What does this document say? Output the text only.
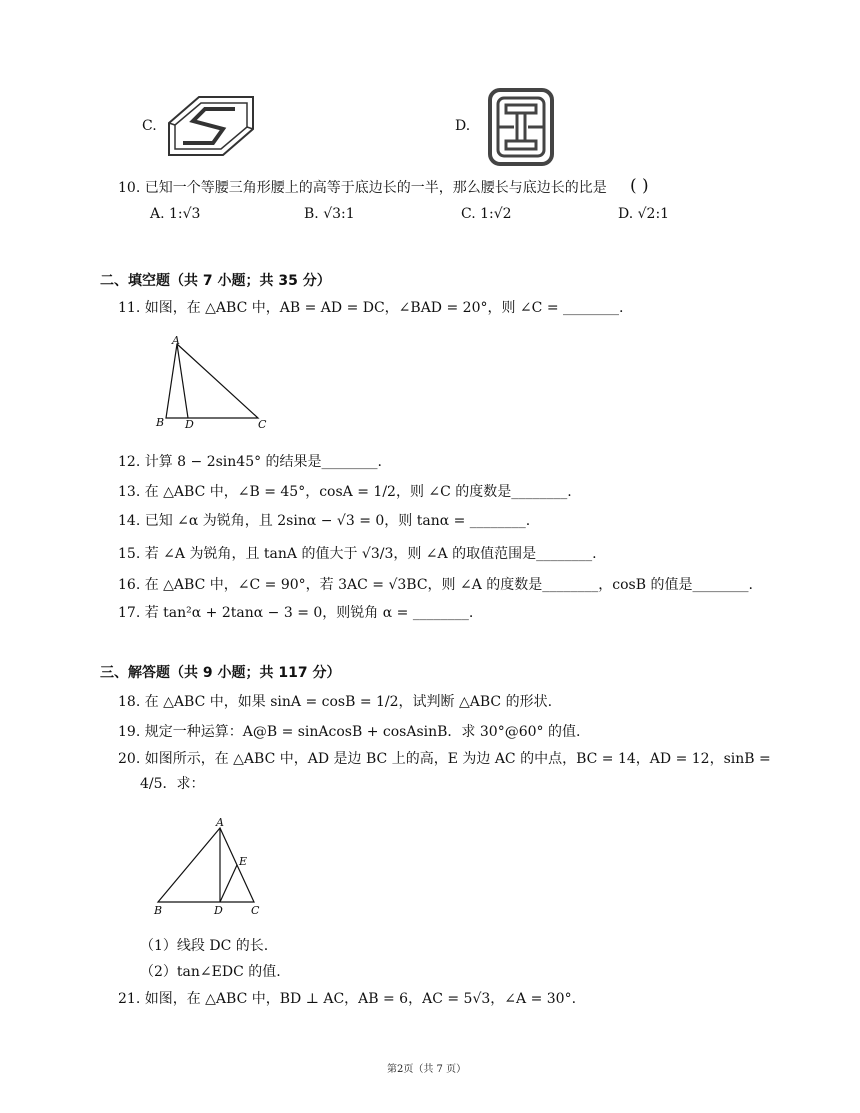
C.	D.
10. 已知一个等腰三角形腰上的高等于底边长的一半，那么腰长与底边长的比是 ( )
A. 1:√3	B. √3:1	C. 1:√2	D. √2:1
二、填空题（共 7 小题；共 35 分）
11. 如图，在 △ABC 中，AB = AD = DC，∠BAD = 20°，则 ∠C = ________.
A
B D	C
12. 计算 8 − 2sin45° 的结果是________.
13. 在 △ABC 中，∠B = 45°，cosA = 1/2，则 ∠C 的度数是________.
14. 已知 ∠α 为锐角，且 2sinα − √3 = 0，则 tanα = ________.
15. 若 ∠A 为锐角，且 tanA 的值大于 √3/3，则 ∠A 的取值范围是________.
16. 在 △ABC 中，∠C = 90°，若 3AC = √3BC，则 ∠A 的度数是________，cosB 的值是________.
17. 若 tan²α + 2tanα − 3 = 0，则锐角 α = ________.
三、解答题（共 9 小题；共 117 分）
18. 在 △ABC 中，如果 sinA = cosB = 1/2，试判断 △ABC 的形状.
19. 规定一种运算：A@B = sinAcosB + cosAsinB．求 30°@60° 的值.
20. 如图所示，在 △ABC 中，AD 是边 BC 上的高，E 为边 AC 的中点，BC = 14，AD = 12，sinB =
4/5．求：
A
E
B	D	C
（1）线段 DC 的长.
（2）tan∠EDC 的值.
21. 如图，在 △ABC 中，BD ⊥ AC，AB = 6，AC = 5√3，∠A = 30°.
第2页（共 7 页）
